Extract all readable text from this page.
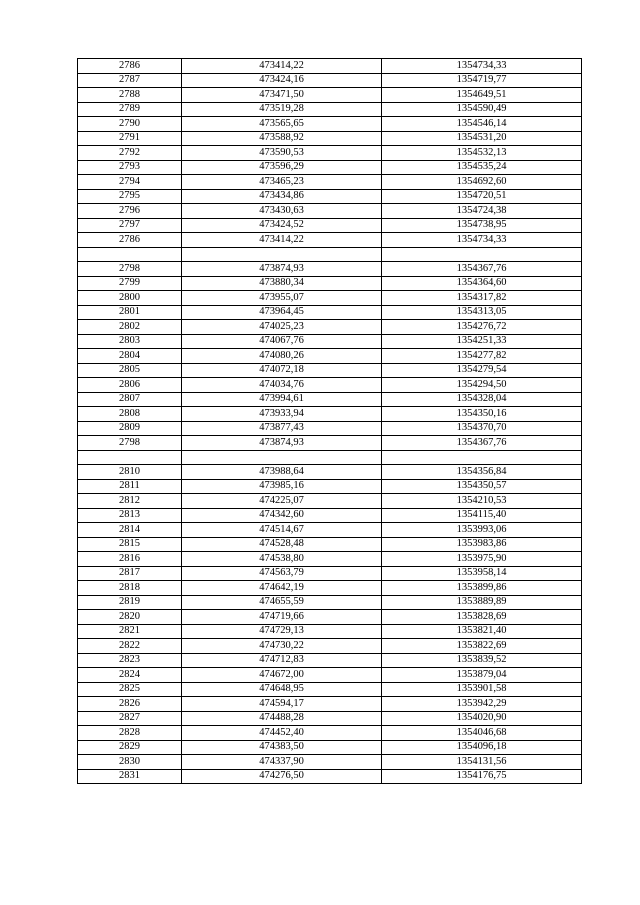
2786	473414,22	1354734,33
2787	473424,16	1354719,77
2788	473471,50	1354649,51
2789	473519,28	1354590,49
2790	473565,65	1354546,14
2791	473588,92	1354531,20
2792	473590,53	1354532,13
2793	473596,29	1354535,24
2794	473465,23	1354692,60
2795	473434,86	1354720,51
2796	473430,63	1354724,38
2797	473424,52	1354738,95
2786	473414,22	1354734,33

2798	473874,93	1354367,76
2799	473880,34	1354364,60
2800	473955,07	1354317,82
2801	473964,45	1354313,05
2802	474025,23	1354276,72
2803	474067,76	1354251,33
2804	474080,26	1354277,82
2805	474072,18	1354279,54
2806	474034,76	1354294,50
2807	473994,61	1354328,04
2808	473933,94	1354350,16
2809	473877,43	1354370,70
2798	473874,93	1354367,76

2810	473988,64	1354356,84
2811	473985,16	1354350,57
2812	474225,07	1354210,53
2813	474342,60	1354115,40
2814	474514,67	1353993,06
2815	474528,48	1353983,86
2816	474538,80	1353975,90
2817	474563,79	1353958,14
2818	474642,19	1353899,86
2819	474655,59	1353889,89
2820	474719,66	1353828,69
2821	474729,13	1353821,40
2822	474730,22	1353822,69
2823	474712,83	1353839,52
2824	474672,00	1353879,04
2825	474648,95	1353901,58
2826	474594,17	1353942,29
2827	474488,28	1354020,90
2828	474452,40	1354046,68
2829	474383,50	1354096,18
2830	474337,90	1354131,56
2831	474276,50	1354176,75
